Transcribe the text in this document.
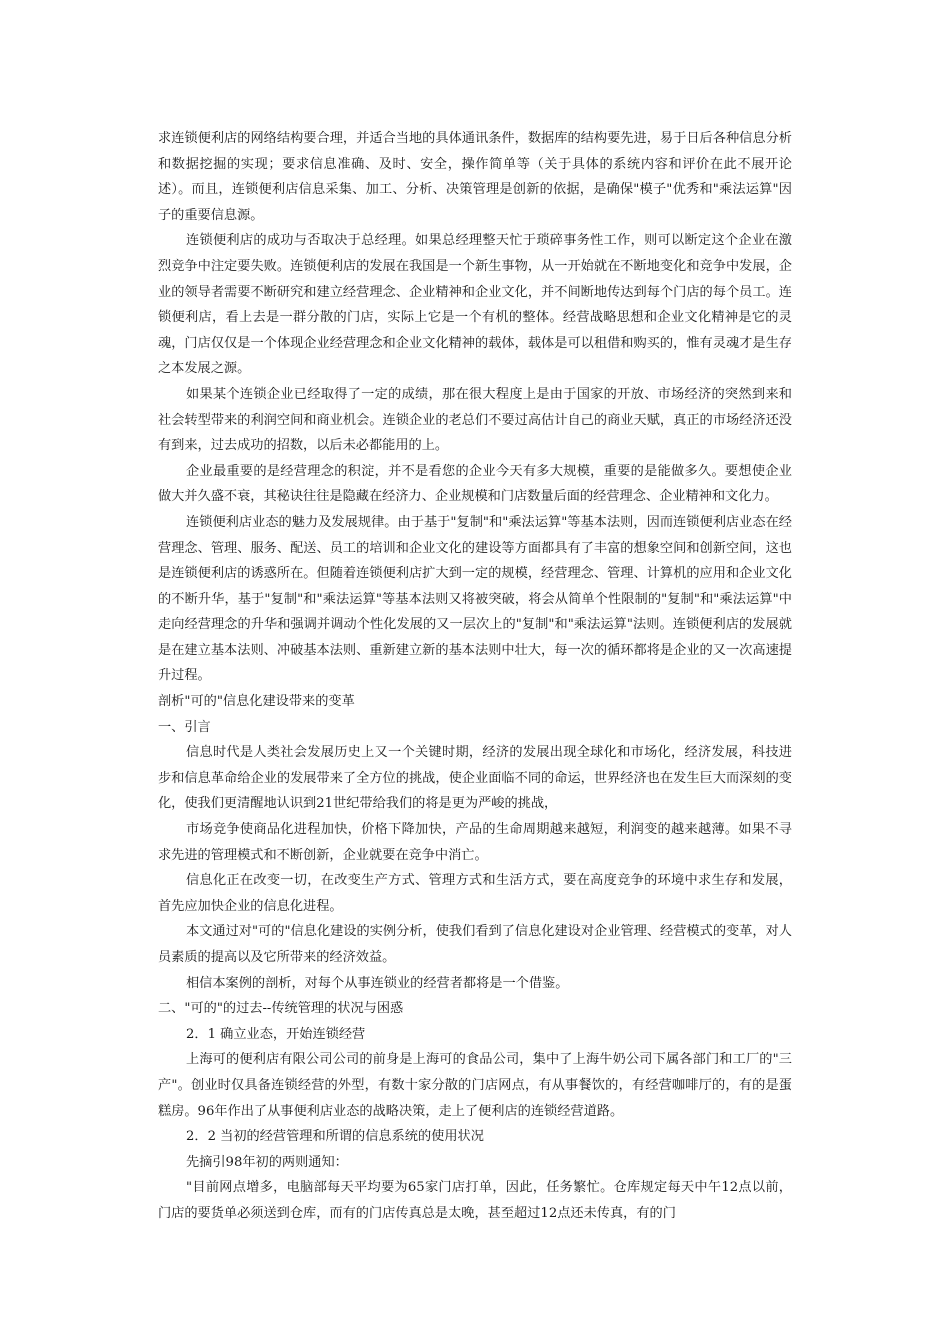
求连锁便利店的网络结构要合理，并适合当地的具体通讯条件，数据库的结构要先进，易于日后各种信息分析和数据挖掘的实现；要求信息准确、及时、安全，操作简单等（关于具体的系统内容和评价在此不展开论述）。而且，连锁便利店信息采集、加工、分析、决策管理是创新的依据，是确保"模子"优秀和"乘法运算"因子的重要信息源。

连锁便利店的成功与否取决于总经理。如果总经理整天忙于琐碎事务性工作，则可以断定这个企业在激烈竞争中注定要失败。连锁便利店的发展在我国是一个新生事物，从一开始就在不断地变化和竞争中发展，企业的领导者需要不断研究和建立经营理念、企业精神和企业文化，并不间断地传达到每个门店的每个员工。连锁便利店，看上去是一群分散的门店，实际上它是一个有机的整体。经营战略思想和企业文化精神是它的灵魂，门店仅仅是一个体现企业经营理念和企业文化精神的载体，载体是可以租借和购买的，惟有灵魂才是生存之本发展之源。

如果某个连锁企业已经取得了一定的成绩，那在很大程度上是由于国家的开放、市场经济的突然到来和社会转型带来的利润空间和商业机会。连锁企业的老总们不要过高估计自己的商业天赋，真正的市场经济还没有到来，过去成功的招数，以后未必都能用的上。

企业最重要的是经营理念的积淀，并不是看您的企业今天有多大规模，重要的是能做多久。要想使企业做大并久盛不衰，其秘诀往往是隐藏在经济力、企业规模和门店数量后面的经营理念、企业精神和文化力。

连锁便利店业态的魅力及发展规律。由于基于"复制"和"乘法运算"等基本法则，因而连锁便利店业态在经营理念、管理、服务、配送、员工的培训和企业文化的建设等方面都具有了丰富的想象空间和创新空间，这也是连锁便利店的诱惑所在。但随着连锁便利店扩大到一定的规模，经营理念、管理、计算机的应用和企业文化的不断升华，基于"复制"和"乘法运算"等基本法则又将被突破，将会从简单个性限制的"复制"和"乘法运算"中走向经营理念的升华和强调并调动个性化发展的又一层次上的"复制"和"乘法运算"法则。连锁便利店的发展就是在建立基本法则、冲破基本法则、重新建立新的基本法则中壮大，每一次的循环都将是企业的又一次高速提升过程。

剖析"可的"信息化建设带来的变革

一、引言

信息时代是人类社会发展历史上又一个关键时期，经济的发展出现全球化和市场化，经济发展，科技进步和信息革命给企业的发展带来了全方位的挑战，使企业面临不同的命运，世界经济也在发生巨大而深刻的变化，使我们更清醒地认识到21世纪带给我们的将是更为严峻的挑战，

市场竞争使商品化进程加快，价格下降加快，产品的生命周期越来越短，利润变的越来越薄。如果不寻求先进的管理模式和不断创新，企业就要在竞争中消亡。

信息化正在改变一切，在改变生产方式、管理方式和生活方式，要在高度竞争的环境中求生存和发展，首先应加快企业的信息化进程。

本文通过对"可的"信息化建设的实例分析，使我们看到了信息化建设对企业管理、经营模式的变革，对人员素质的提高以及它所带来的经济效益。

相信本案例的剖析，对每个从事连锁业的经营者都将是一个借鉴。

二、"可的"的过去--传统管理的状况与困惑

2．1 确立业态，开始连锁经营

上海可的便利店有限公司公司的前身是上海可的食品公司，集中了上海牛奶公司下属各部门和工厂的"三产"。创业时仅具备连锁经营的外型，有数十家分散的门店网点，有从事餐饮的，有经营咖啡厅的，有的是蛋糕房。96年作出了从事便利店业态的战略决策，走上了便利店的连锁经营道路。

2．2 当初的经营管理和所谓的信息系统的使用状况

先摘引98年初的两则通知：

"目前网点增多，电脑部每天平均要为65家门店打单，因此，任务繁忙。仓库规定每天中午12点以前，门店的要货单必须送到仓库，而有的门店传真总是太晚，甚至超过12点还未传真，有的门
